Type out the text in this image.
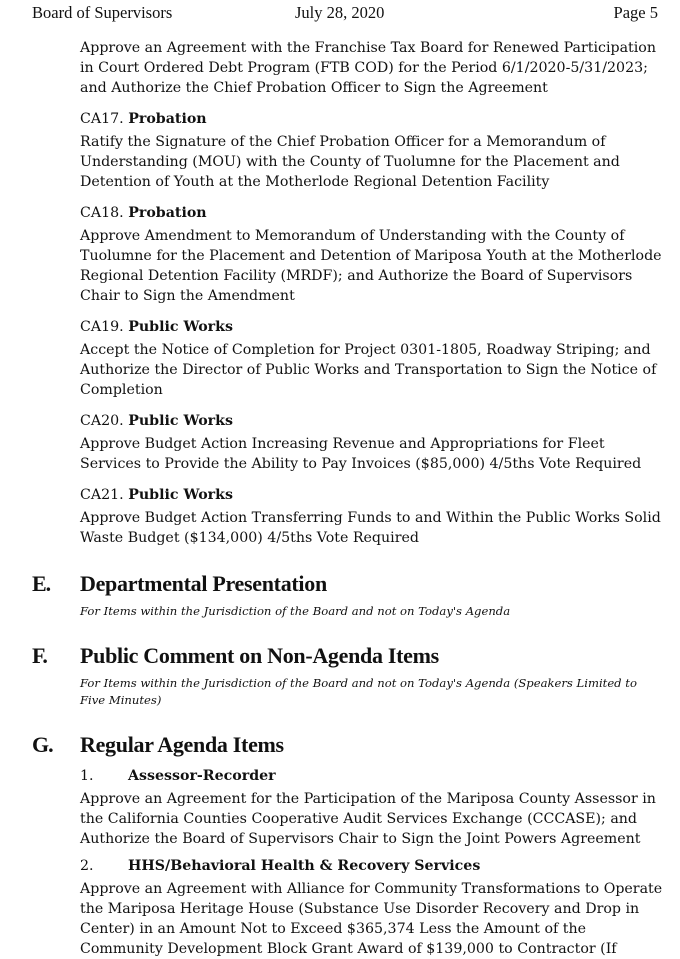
Board of Supervisors	July 28, 2020	Page 5

Approve an Agreement with the Franchise Tax Board for Renewed Participation in Court Ordered Debt Program (FTB COD) for the Period 6/1/2020-5/31/2023; and Authorize the Chief Probation Officer to Sign the Agreement

CA17. Probation

Ratify the Signature of the Chief Probation Officer for a Memorandum of Understanding (MOU) with the County of Tuolumne for the Placement and Detention of Youth at the Motherlode Regional Detention Facility

CA18. Probation

Approve Amendment to Memorandum of Understanding with the County of Tuolumne for the Placement and Detention of Mariposa Youth at the Motherlode Regional Detention Facility (MRDF); and Authorize the Board of Supervisors Chair to Sign the Amendment

CA19. Public Works

Accept the Notice of Completion for Project 0301-1805, Roadway Striping; and Authorize the Director of Public Works and Transportation to Sign the Notice of Completion

CA20. Public Works

Approve Budget Action Increasing Revenue and Appropriations for Fleet Services to Provide the Ability to Pay Invoices ($85,000) 4/5ths Vote Required

CA21. Public Works

Approve Budget Action Transferring Funds to and Within the Public Works Solid Waste Budget ($134,000) 4/5ths Vote Required

E. Departmental Presentation

For Items within the Jurisdiction of the Board and not on Today's Agenda

F. Public Comment on Non-Agenda Items

For Items within the Jurisdiction of the Board and not on Today's Agenda (Speakers Limited to Five Minutes)

G. Regular Agenda Items

1.	Assessor-Recorder

Approve an Agreement for the Participation of the Mariposa County Assessor in the California Counties Cooperative Audit Services Exchange (CCCASE); and Authorize the Board of Supervisors Chair to Sign the Joint Powers Agreement

2.	HHS/Behavioral Health & Recovery Services

Approve an Agreement with Alliance for Community Transformations to Operate the Mariposa Heritage House (Substance Use Disorder Recovery and Drop in Center) in an Amount Not to Exceed $365,374 Less the Amount of the Community Development Block Grant Award of $139,000 to Contractor (If
